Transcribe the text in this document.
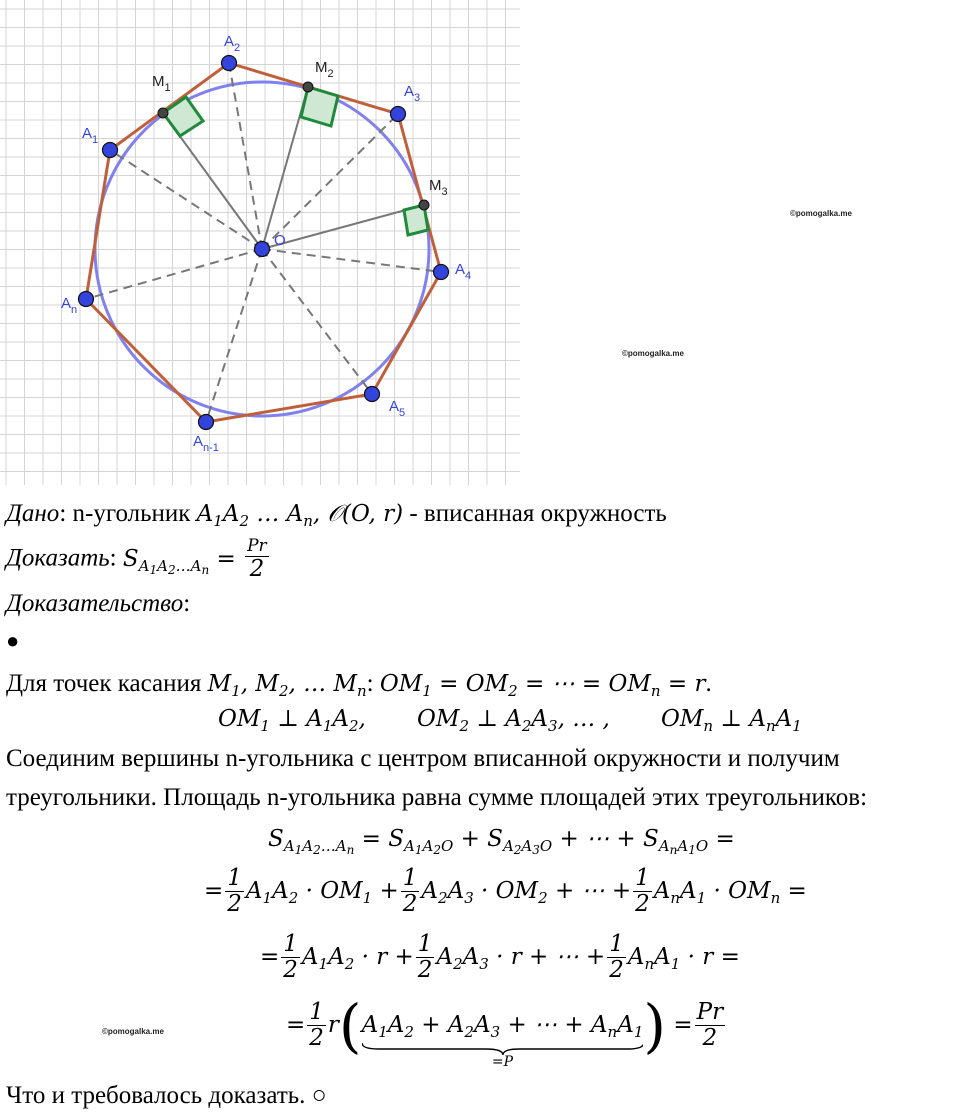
$A_2$
$A_3$
$A_4$
$A_5$
$A_{n-1}$
$A_n$
$A_1$
O
$M_1$
$M_2$
$M_3$
©pomogalka.me
©pomogalka.me
©pomogalka.me
Дано: n-угольник $A_1A_2$ … $A_n$, 𝒪(O, r) - вписанная окружность
Доказать: $S_{A_1A_2\dots A_n} = \frac{Pr}{2}$
Доказательство:
●
Для точек касания $M_1$, $M_2$, … $M_n$: $OM_1 = OM_2$ = ⋯ = $OM_n = r$.
$OM_1$ ⊥ $A_1A_2$,       $OM_2$ ⊥ $A_2A_3$, … ,       $OM_n$ ⊥ $A_nA_1$
Соединим вершины n-угольника с центром вписанной окружности и получим
треугольники. Площадь n-угольника равна сумме площадей этих треугольников:
$S_{A_1A_2\dots A_n} = S_{A_1A_2O} + S_{A_2A_3O}$ + ⋯ + $S_{A_nA_1O}$ =
= $\frac{1}{2} A_1A_2 \cdot OM_1 + \frac{1}{2} A_2A_3 \cdot OM_2$ + ⋯ + $\frac{1}{2} A_nA_1 \cdot OM_n$ =
= $\frac{1}{2} A_1A_2 \cdot r + \frac{1}{2} A_2A_3 \cdot r$ + ⋯ + $\frac{1}{2} A_nA_1 \cdot r$ =
= $\frac{1}{2} r(A_1A_2 + A_2A_3$ + ⋯ + $A_nA_1$
=P
) = $\frac{Pr}{2}$
Что и требовалось доказать. ○
